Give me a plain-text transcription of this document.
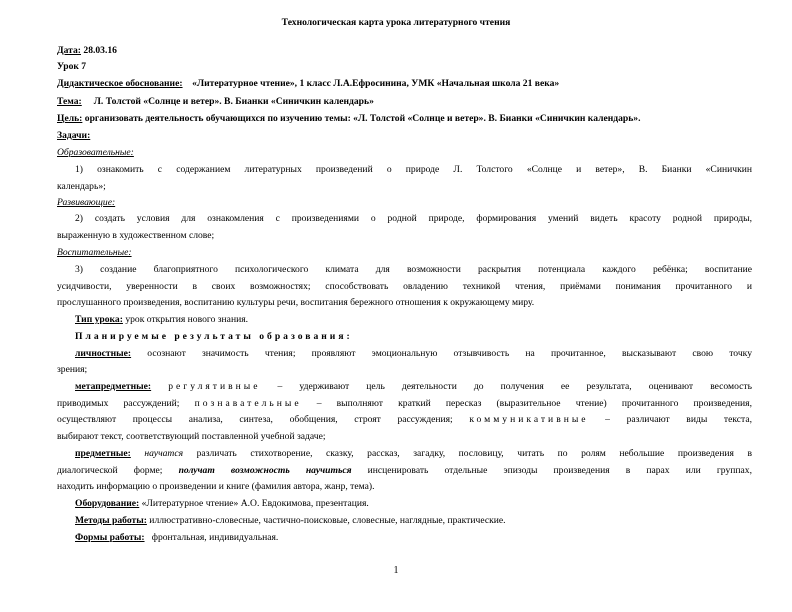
Технологическая карта урока литературного чтения
Дата: 28.03.16
Урок 7
Дидактическое обоснование: «Литературное чтение», 1 класс Л.А.Ефросинина, УМК «Начальная школа 21 века»
Тема: Л. Толстой «Солнце и ветер». В. Бианки «Синичкин календарь»
Цель: организовать деятельность обучающихся по изучению темы: «Л. Толстой «Солнце и ветер». В. Бианки «Синичкин календарь».
Задачи:
Образовательные:
1) ознакомить с содержанием литературных произведений о природе Л. Толстого «Солнце и ветер», В. Бианки «Синичкин
календарь»;
Развивающие:
2) создать условия для ознакомления с произведениями о родной природе, формирования умений видеть красоту родной природы,
выраженную в художественном слове;
Воспитательные:
3) создание благоприятного психологического климата для возможности раскрытия потенциала каждого ребёнка; воспитание
усидчивости, уверенности в своих возможностях; способствовать овладению техникой чтения, приёмами понимания прочитанного и
прослушанного произведения, воспитанию культуры речи, воспитания бережного отношения к окружающему миру.
Тип урока: урок открытия нового знания.
Планируемые результаты образования:
личностные: осознают значимость чтения; проявляют эмоциональную отзывчивость на прочитанное, высказывают свою точку
зрения;
метапредметные: регулятивные – удерживают цель деятельности до получения ее результата, оценивают весомость
приводимых рассуждений; познавательные – выполняют краткий пересказ (выразительное чтение) прочитанного произведения,
осуществляют процессы анализа, синтеза, обобщения, строят рассуждения; коммуникативные – различают виды текста,
выбирают текст, соответствующий поставленной учебной задаче;
предметные: научатся различать стихотворение, сказку, рассказ, загадку, пословицу, читать по ролям небольшие произведения в
диалогической форме; получат возможность научиться инсценировать отдельные эпизоды произведения в парах или группах,
находить информацию о произведении и книге (фамилия автора, жанр, тема).
Оборудование: «Литературное чтение» А.О. Евдокимова, презентация.
Методы работы: иллюстративно-словесные, частично-поисковые, словесные, наглядные, практические.
Формы работы:   фронтальная, индивидуальная.
1
